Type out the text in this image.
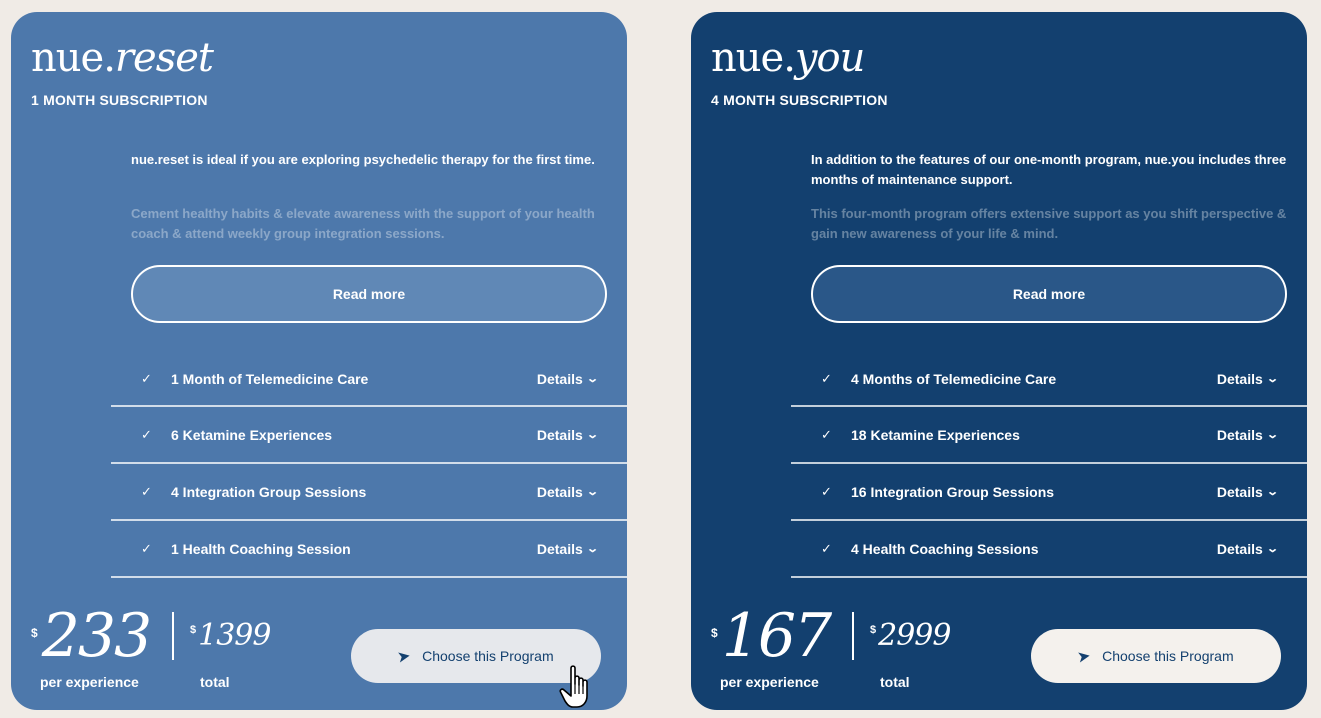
nue.reset
1 MONTH SUBSCRIPTION

nue.reset is ideal if you are exploring psychedelic therapy for the first time.

Cement healthy habits & elevate awareness with the support of your health coach & attend weekly group integration sessions.

Read more
✓ 1 Month of Telemedicine Care	Details ⌄
✓ 6 Ketamine Experiences	Details ⌄
✓ 4 Integration Group Sessions	Details ⌄
✓ 1 Health Coaching Session	Details ⌄
$ 233
per experience
$ 1399
total
➤ Choose this Program
nue.you
4 MONTH SUBSCRIPTION

In addition to the features of our one-month program, nue.you includes three months of maintenance support.

This four-month program offers extensive support as you shift perspective & gain new awareness of your life & mind.

Read more
✓ 4 Months of Telemedicine Care	Details ⌄
✓ 18 Ketamine Experiences	Details ⌄
✓ 16 Integration Group Sessions	Details ⌄
✓ 4 Health Coaching Sessions	Details ⌄
$ 167
per experience
$ 2999
total
➤ Choose this Program
